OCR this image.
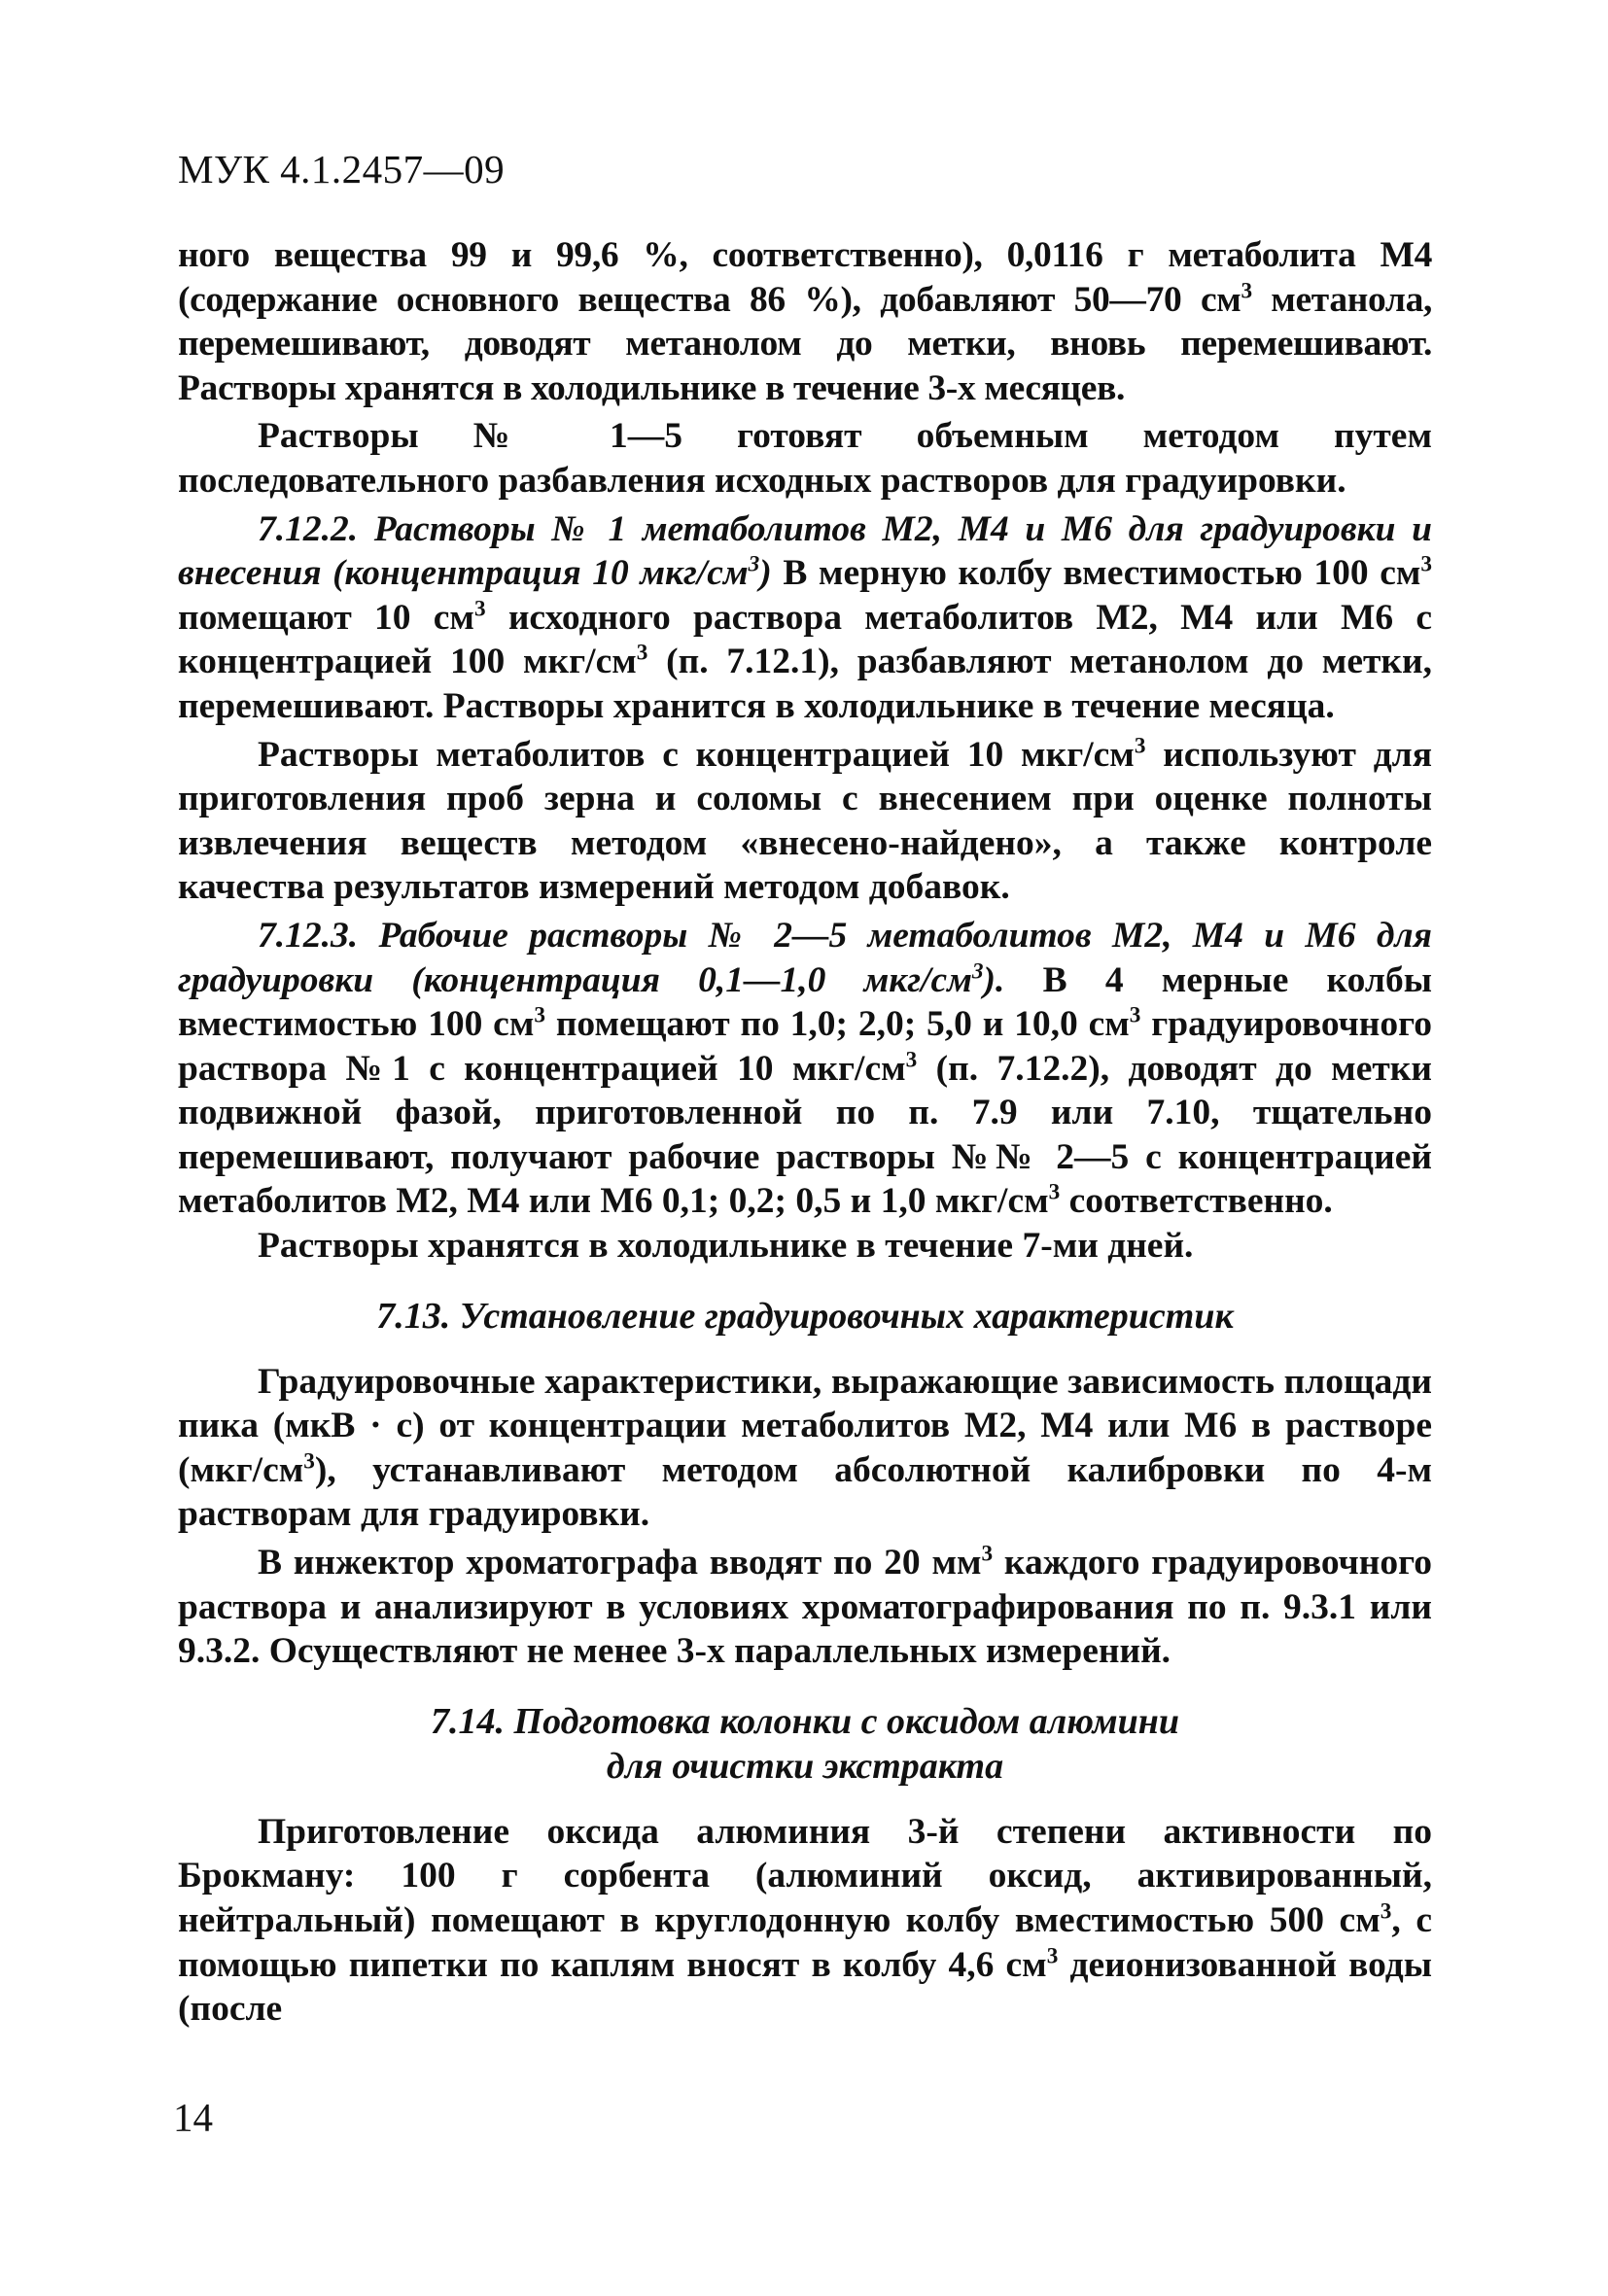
МУК 4.1.2457—09

ного вещества 99 и 99,6 %, соответственно), 0,0116 г метаболита М4 (содержание основного вещества 86 %), добавляют 50—70 $см^3$ метанола, перемешивают, доводят метанолом до метки, вновь перемешивают. Растворы хранятся в холодильнике в течение 3-х месяцев.

Растворы № 1—5 готовят объемным методом путем последовательного разбавления исходных растворов для градуировки.

7.12.2. Растворы № 1 метаболитов М2, М4 и М6 для градуировки и внесения (концентрация 10 мкг/$см^3$) В мерную колбу вместимостью 100 $см^3$ помещают 10 $см^3$ исходного раствора метаболитов М2, М4 или М6 с концентрацией 100 мкг/$см^3$ (п. 7.12.1), разбавляют метанолом до метки, перемешивают. Растворы хранится в холодильнике в течение месяца.

Растворы метаболитов с концентрацией 10 мкг/$см^3$ используют для приготовления проб зерна и соломы с внесением при оценке полноты извлечения веществ методом «внесено-найдено», а также контроле качества результатов измерений методом добавок.

7.12.3. Рабочие растворы № 2—5 метаболитов М2, М4 и М6 для градуировки (концентрация 0,1—1,0 мкг/$см^3$). В 4 мерные колбы вместимостью 100 $см^3$ помещают по 1,0; 2,0; 5,0 и 10,0 $см^3$ градуировочного раствора №1 с концентрацией 10 мкг/$см^3$ (п. 7.12.2), доводят до метки подвижной фазой, приготовленной по п. 7.9 или 7.10, тщательно перемешивают, получают рабочие растворы №№ 2—5 с концентрацией метаболитов М2, М4 или М6 0,1; 0,2; 0,5 и 1,0 мкг/$см^3$ соответственно.

Растворы хранятся в холодильнике в течение 7-ми дней.

7.13. Установление градуировочных характеристик

Градуировочные характеристики, выражающие зависимость площади пика (мкВ · с) от концентрации метаболитов М2, М4 или М6 в растворе $(мкг/см^3)$, устанавливают методом абсолютной калибровки по 4-м растворам для градуировки.

В инжектор хроматографа вводят по 20 $мм^3$ каждого градуировочного раствора и анализируют в условиях хроматографирования по п. 9.3.1 или 9.3.2. Осуществляют не менее 3-х параллельных измерений.

7.14. Подготовка колонки с оксидом алюмини
для очистки экстракта

Приготовление оксида алюминия 3-й степени активности по Брокману: 100 г сорбента (алюминий оксид, активированный, нейтральный) помещают в круглодонную колбу вместимостью 500 $см^3$, с помощью пипетки по каплям вносят в колбу 4,6 $см^3$ деионизованной воды (после

14
